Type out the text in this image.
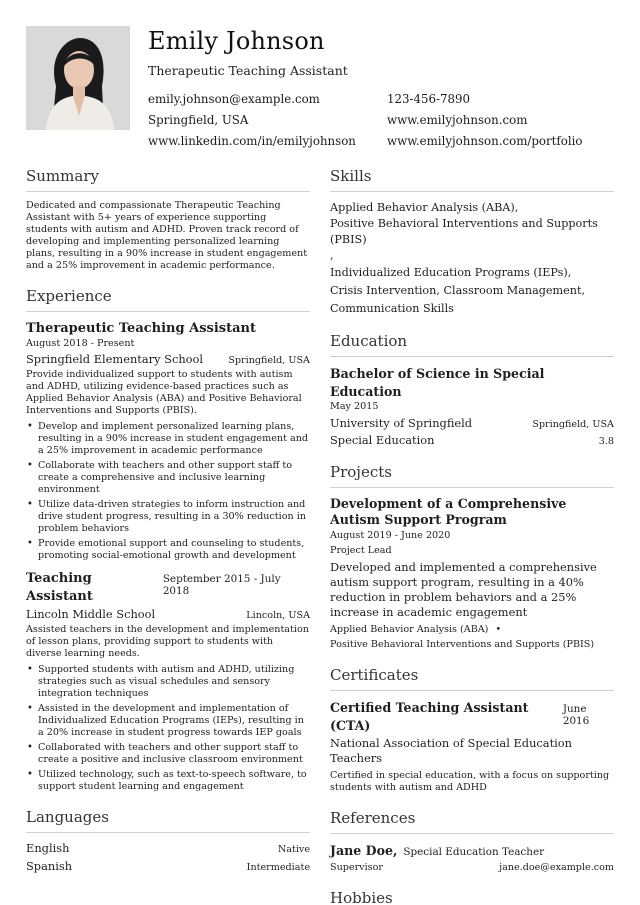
Emily Johnson
Therapeutic Teaching Assistant
emily.johnson@example.com	123-456-7890
Springfield, USA	www.emilyjohnson.com
www.linkedin.com/in/emilyjohnson	www.emilyjohnson.com/portfolio
Summary

Dedicated and compassionate Therapeutic Teaching Assistant with 5+ years of experience supporting students with autism and ADHD. Proven track record of developing and implementing personalized learning plans, resulting in a 90% increase in student engagement and a 25% improvement in academic performance.

Experience
Therapeutic Teaching Assistant
August 2018 - Present
Springfield Elementary School	Springfield, USA

Provide individualized support to students with autism and ADHD, utilizing evidence-based practices such as Applied Behavior Analysis (ABA) and Positive Behavioral Interventions and Supports (PBIS).

• Develop and implement personalized learning plans, resulting in a 90% increase in student engagement and a 25% improvement in academic performance
• Collaborate with teachers and other support staff to create a comprehensive and inclusive learning environment
• Utilize data-driven strategies to inform instruction and drive student progress, resulting in a 30% reduction in problem behaviors
• Provide emotional support and counseling to students, promoting social-emotional growth and development
Teaching Assistant
September 2015 - July 2018
Lincoln Middle School	Lincoln, USA

Assisted teachers in the development and implementation of lesson plans, providing support to students with diverse learning needs.

• Supported students with autism and ADHD, utilizing strategies such as visual schedules and sensory integration techniques
• Assisted in the development and implementation of Individualized Education Programs (IEPs), resulting in a 20% increase in student progress towards IEP goals
• Collaborated with teachers and other support staff to create a positive and inclusive classroom environment
• Utilized technology, such as text-to-speech software, to support student learning and engagement
Languages
English	Native
Spanish	Intermediate
Skills
Applied Behavior Analysis (ABA),
Positive Behavioral Interventions and Supports (PBIS)
,
Individualized Education Programs (IEPs),
Crisis Intervention, Classroom Management,
Communication Skills
Education
Bachelor of Science in Special Education
May 2015
University of Springfield	Springfield, USA
Special Education	3.8
Projects
Development of a Comprehensive Autism Support Program
August 2019 - June 2020
Project Lead

Developed and implemented a comprehensive autism support program, resulting in a 40% reduction in problem behaviors and a 25% increase in academic engagement

Applied Behavior Analysis (ABA) •
Positive Behavioral Interventions and Supports (PBIS)
Certificates
Certified Teaching Assistant (CTA)
June 2016
National Association of Special Education Teachers

Certified in special education, with a focus on supporting students with autism and ADHD

References
Jane Doe, Special Education Teacher
Supervisor	jane.doe@example.com
Hobbies
